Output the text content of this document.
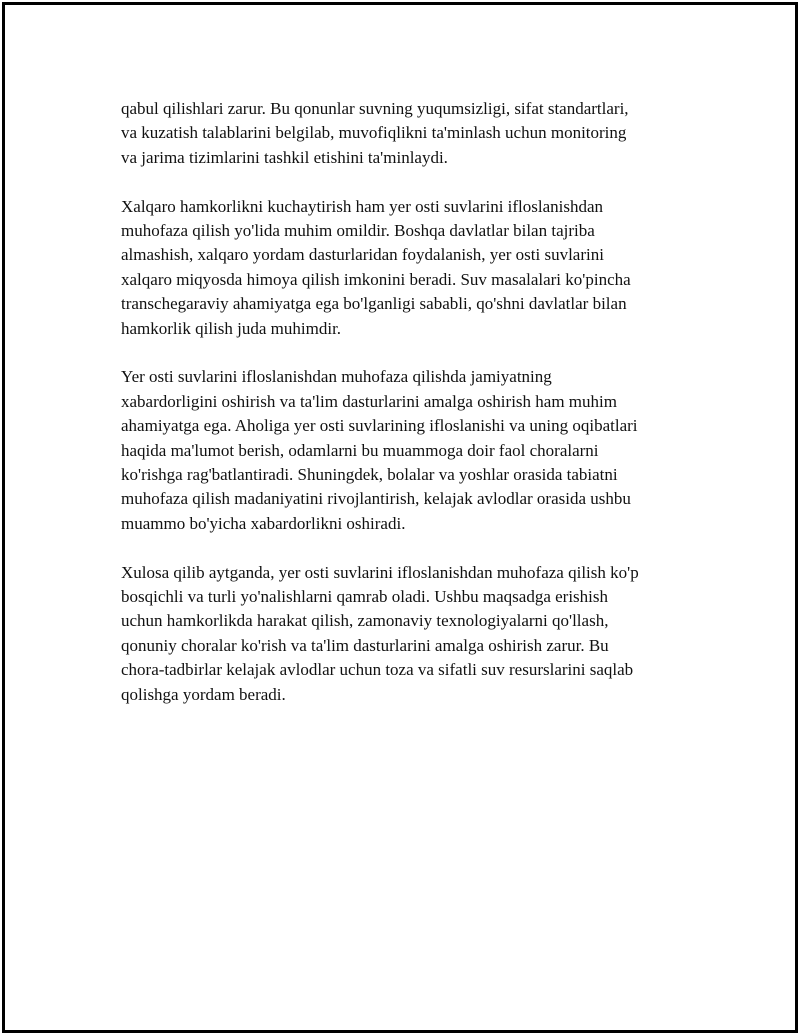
qabul qilishlari zarur. Bu qonunlar suvning yuqumsizligi, sifat standartlari,
va kuzatish talablarini belgilab, muvofiqlikni ta'minlash uchun monitoring
va jarima tizimlarini tashkil etishini ta'minlaydi.

Xalqaro hamkorlikni kuchaytirish ham yer osti suvlarini ifloslanishdan
muhofaza qilish yo'lida muhim omildir. Boshqa davlatlar bilan tajriba
almashish, xalqaro yordam dasturlaridan foydalanish, yer osti suvlarini
xalqaro miqyosda himoya qilish imkonini beradi. Suv masalalari ko'pincha
transchegaraviy ahamiyatga ega bo'lganligi sababli, qo'shni davlatlar bilan
hamkorlik qilish juda muhimdir.

Yer osti suvlarini ifloslanishdan muhofaza qilishda jamiyatning
xabardorligini oshirish va ta'lim dasturlarini amalga oshirish ham muhim
ahamiyatga ega. Aholiga yer osti suvlarining ifloslanishi va uning oqibatlari
haqida ma'lumot berish, odamlarni bu muammoga doir faol choralarni
ko'rishga rag'batlantiradi. Shuningdek, bolalar va yoshlar orasida tabiatni
muhofaza qilish madaniyatini rivojlantirish, kelajak avlodlar orasida ushbu
muammo bo'yicha xabardorlikni oshiradi.

Xulosa qilib aytganda, yer osti suvlarini ifloslanishdan muhofaza qilish ko'p
bosqichli va turli yo'nalishlarni qamrab oladi. Ushbu maqsadga erishish
uchun hamkorlikda harakat qilish, zamonaviy texnologiyalarni qo'llash,
qonuniy choralar ko'rish va ta'lim dasturlarini amalga oshirish zarur. Bu
chora-tadbirlar kelajak avlodlar uchun toza va sifatli suv resurslarini saqlab
qolishga yordam beradi.
